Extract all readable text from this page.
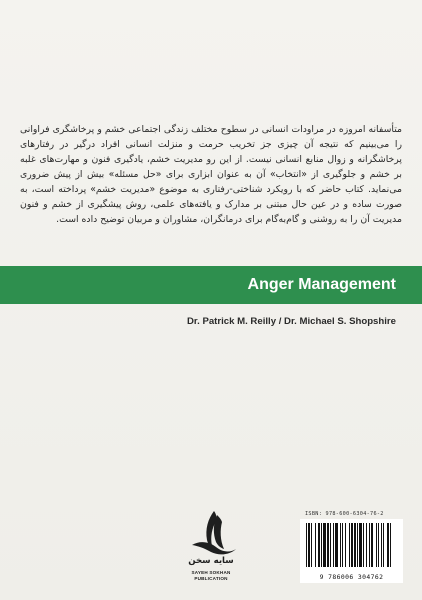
متأسفانه امروزه در مراودات انسانی در سطوح مختلف زندگی اجتماعی خشم و پرخاشگری فراوانی را می‌بینیم که نتیجه آن چیزی جز تخریب حرمت و منزلت انسانی افراد درگیر در رفتارهای پرخاشگرانه و زوال منابع انسانی نیست. از این رو مدیریت خشم، یادگیری فنون و مهارت‌های غلبه بر خشم و جلوگیری از «انتخاب» آن به عنوان ابزاری برای «حل مسئله» بیش از پیش ضروری می‌نماید. کتاب حاضر که با رویکرد شناختی-رفتاری به موضوع «مدیریت خشم» پرداخته است، به صورت ساده و در عین حال مبتنی بر مدارک و یافته‌های علمی، روش پیشگیری از خشم و فنون مدیریت آن را به روشنی و گام‌به‌گام برای درمانگران، مشاوران و مربیان توضیح داده است.

Anger Management
Dr. Patrick M. Reilly / Dr. Michael S. Shopshire
سایه سخن
SAYEH SOKHAN
PUBLICATION
ISBN: 978-600-6304-76-2
9 786006 304762
